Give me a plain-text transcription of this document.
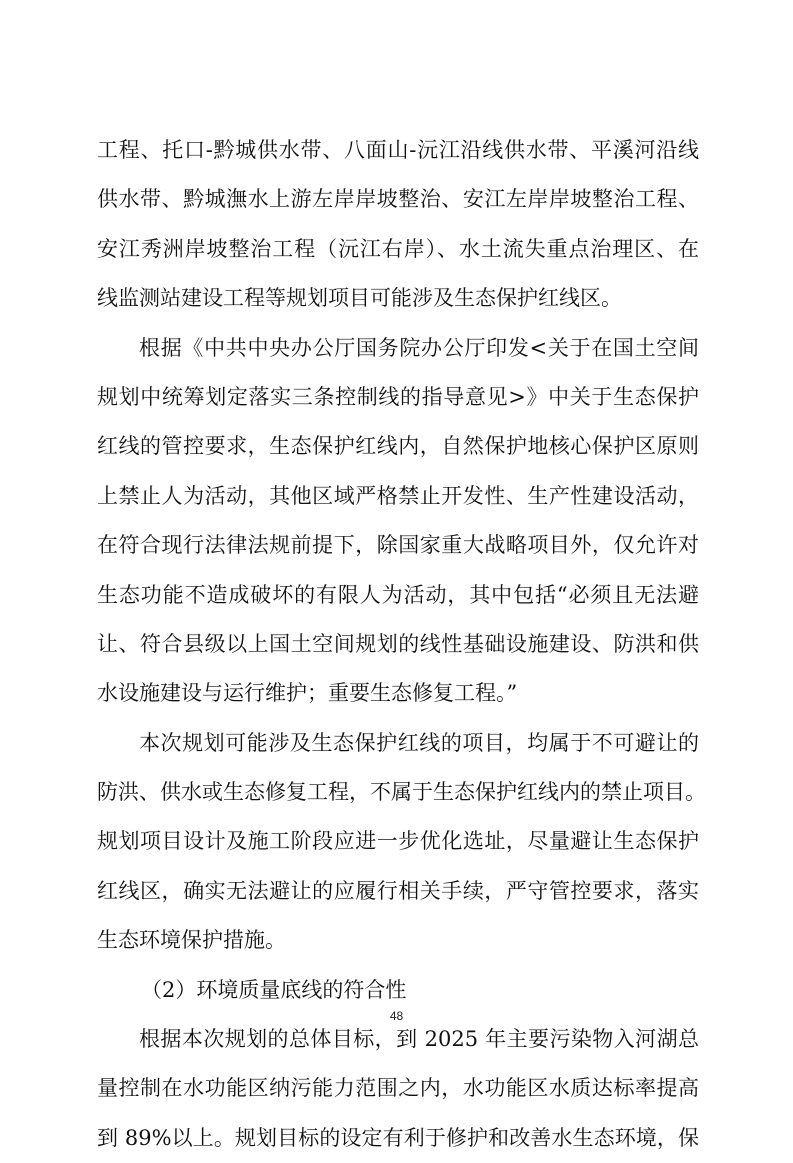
工程、托口-黔城供水带、八面山-沅江沿线供水带、平溪河沿线
供水带、黔城潕水上游左岸岸坡整治、安江左岸岸坡整治工程、
安江秀洲岸坡整治工程（沅江右岸）、水土流失重点治理区、在
线监测站建设工程等规划项目可能涉及生态保护红线区。
根据《中共中央办公厅国务院办公厅印发<关于在国土空间
规划中统筹划定落实三条控制线的指导意见>》中关于生态保护
红线的管控要求，生态保护红线内，自然保护地核心保护区原则
上禁止人为活动，其他区域严格禁止开发性、生产性建设活动，
在符合现行法律法规前提下，除国家重大战略项目外，仅允许对
生态功能不造成破坏的有限人为活动，其中包括“必须且无法避
让、符合县级以上国土空间规划的线性基础设施建设、防洪和供
水设施建设与运行维护；重要生态修复工程。”
本次规划可能涉及生态保护红线的项目，均属于不可避让的
防洪、供水或生态修复工程，不属于生态保护红线内的禁止项目。
规划项目设计及施工阶段应进一步优化选址，尽量避让生态保护
红线区，确实无法避让的应履行相关手续，严守管控要求，落实
生态环境保护措施。
（2）环境质量底线的符合性
根据本次规划的总体目标，到 2025 年主要污染物入河湖总
量控制在水功能区纳污能力范围之内，水功能区水质达标率提高
到 89%以上。规划目标的设定有利于修护和改善水生态环境，保
48
